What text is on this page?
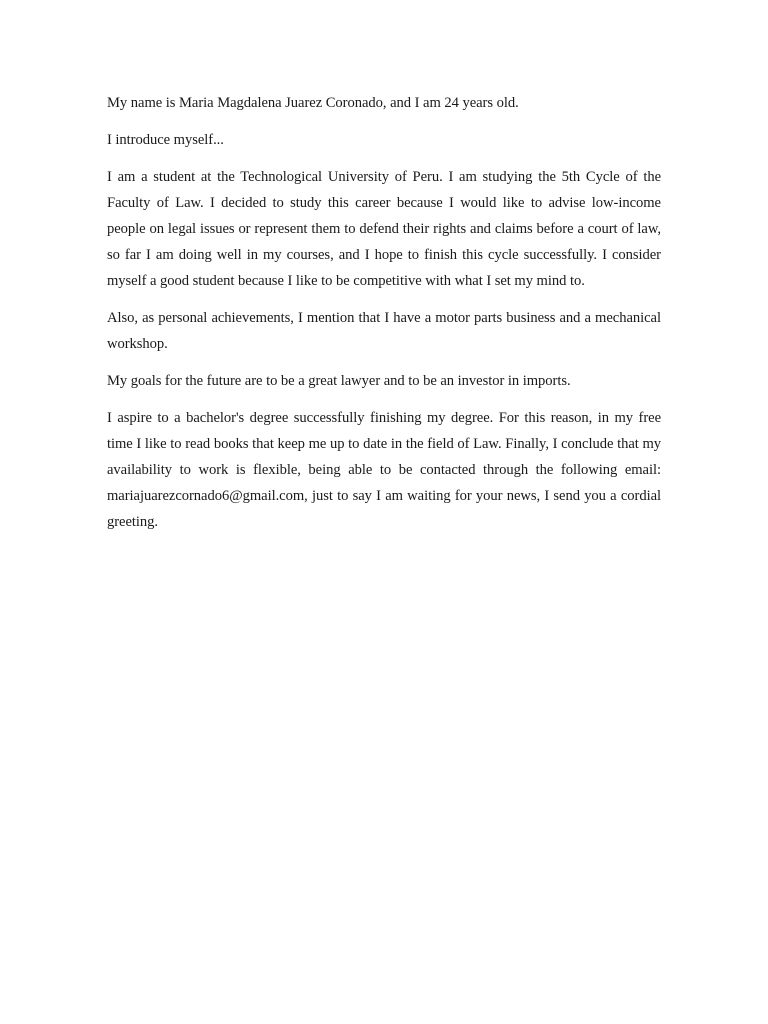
My name is Maria Magdalena Juarez Coronado, and I am 24 years old.

I introduce myself...

I am a student at the Technological University of Peru. I am studying the 5th Cycle of the Faculty of Law. I decided to study this career because I would like to advise low-income people on legal issues or represent them to defend their rights and claims before a court of law, so far I am doing well in my courses, and I hope to finish this cycle successfully. I consider myself a good student because I like to be competitive with what I set my mind to.

Also, as personal achievements, I mention that I have a motor parts business and a mechanical workshop.

My goals for the future are to be a great lawyer and to be an investor in imports.

I aspire to a bachelor's degree successfully finishing my degree. For this reason, in my free time I like to read books that keep me up to date in the field of Law. Finally, I conclude that my availability to work is flexible, being able to be contacted through the following email: mariajuarezcornado6@gmail.com, just to say I am waiting for your news, I send you a cordial greeting.
